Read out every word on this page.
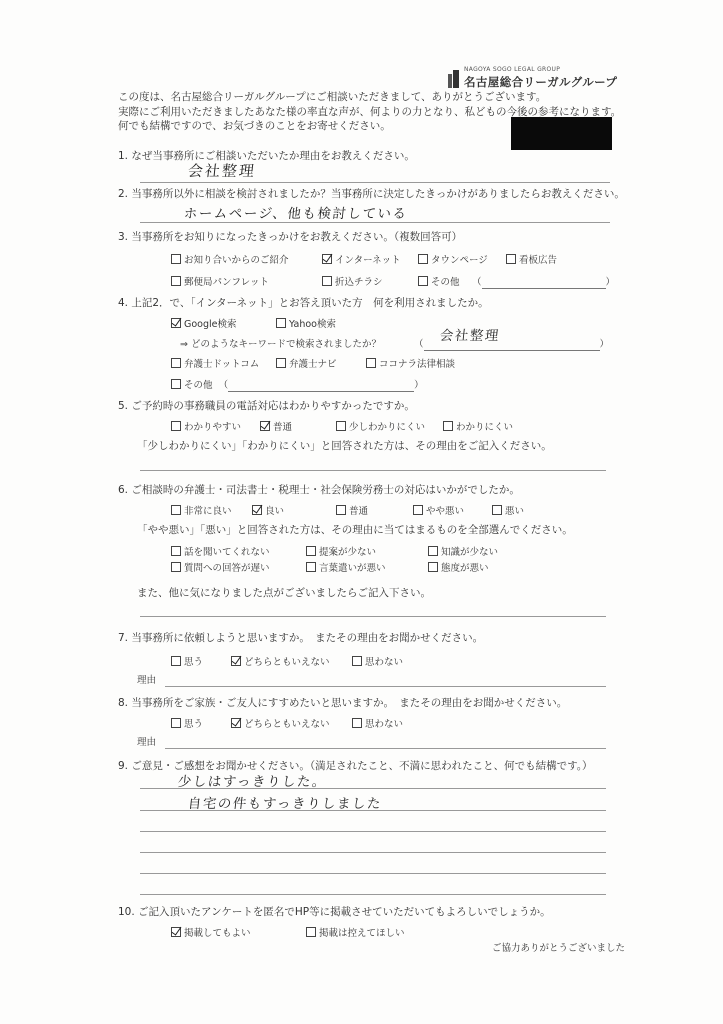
NAGOYA SOGO LEGAL GROUP
名古屋総合リーガルグループ
この度は、名古屋総合リーガルグループにご相談いただきまして、ありがとうございます。
実際にご利用いただきましたあなた様の率直な声が、何よりの力となり、私どもの今後の参考になります。
何でも結構ですので、お気づきのことをお寄せください。
1. なぜ当事務所にご相談いただいたか理由をお教えください。
会社整理
2. 当事務所以外に相談を検討されましたか？当事務所に決定したきっかけがありましたらお教えください。
ホームページ、他も検討している
3. 当事務所をお知りになったきっかけをお教えください。（複数回答可）
お知り合いからのご紹介	インターネット	タウンページ	看板広告
郵便局パンフレット	折込チラシ	その他 （	）
4. 上記2．で、「インターネット」とお答え頂いた方　何を利用されましたか。
Google検索	Yahoo検索
⇒ どのようなキーワードで検索されましたか？	（	）
会社整理
弁護士ドットコム	弁護士ナビ	ココナラ法律相談
その他 （	）
5. ご予約時の事務職員の電話対応はわかりやすかったですか。
わかりやすい	普通	少しわかりにくい	わかりにくい
「少しわかりにくい」「わかりにくい」と回答された方は、その理由をご記入ください。
6. ご相談時の弁護士・司法書士・税理士・社会保険労務士の対応はいかがでしたか。
非常に良い	良い	普通	やや悪い	悪い
「やや悪い」「悪い」と回答された方は、その理由に当てはまるものを全部選んでください。
話を聞いてくれない	提案が少ない	知識が少ない
質問への回答が遅い	言葉遣いが悪い	態度が悪い
また、他に気になりました点がございましたらご記入下さい。
7. 当事務所に依頼しようと思いますか。　またその理由をお聞かせください。
思う	どちらともいえない	思わない
理由
8. 当事務所をご家族・ご友人にすすめたいと思いますか。　またその理由をお聞かせください。
思う	どちらともいえない	思わない
理由
9. ご意見・ご感想をお聞かせください。（満足されたこと、不満に思われたこと、何でも結構です。）
少しはすっきりした。
自宅の件もすっきりしました
10. ご記入頂いたアンケートを匿名でHP等に掲載させていただいてもよろしいでしょうか。
掲載してもよい	掲載は控えてほしい
ご協力ありがとうございました
